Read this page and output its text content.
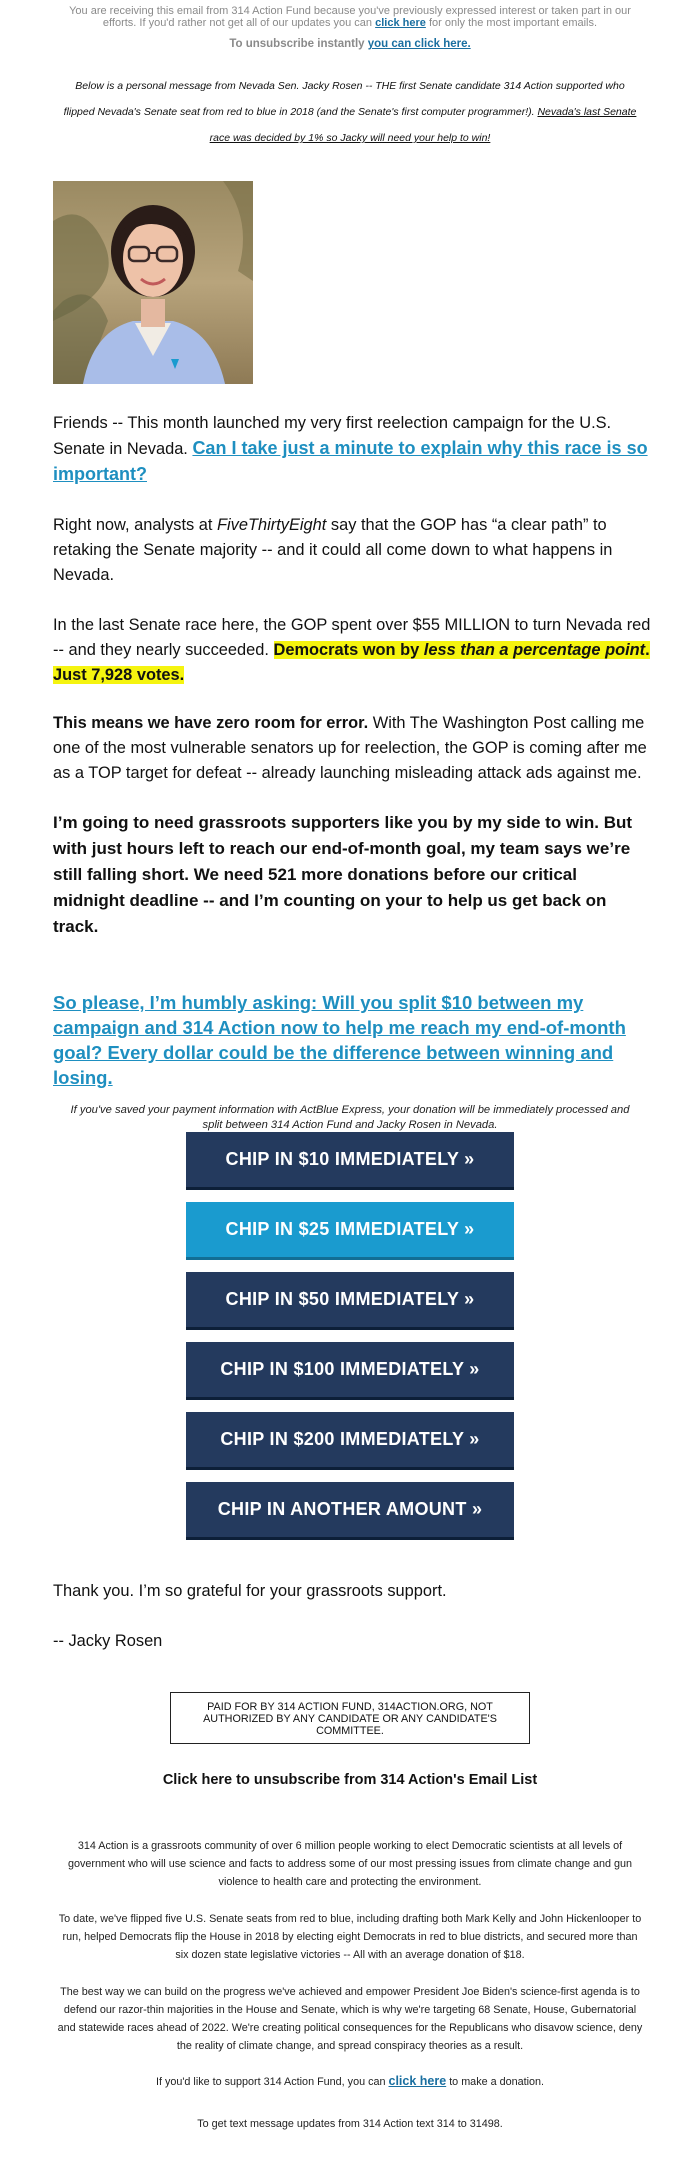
You are receiving this email from 314 Action Fund because you've previously expressed interest or taken part in our efforts. If you'd rather not get all of our updates you can click here for only the most important emails.
To unsubscribe instantly you can click here.
Below is a personal message from Nevada Sen. Jacky Rosen -- THE first Senate candidate 314 Action supported who flipped Nevada's Senate seat from red to blue in 2018 (and the Senate's first computer programmer!). Nevada's last Senate race was decided by 1% so Jacky will need your help to win!

Friends -- This month launched my very first reelection campaign for the U.S. Senate in Nevada. Can I take just a minute to explain why this race is so important?

Right now, analysts at FiveThirtyEight say that the GOP has “a clear path” to retaking the Senate majority -- and it could all come down to what happens in Nevada.

In the last Senate race here, the GOP spent over $55 MILLION to turn Nevada red -- and they nearly succeeded. Democrats won by less than a percentage point. Just 7,928 votes.

This means we have zero room for error. With The Washington Post calling me one of the most vulnerable senators up for reelection, the GOP is coming after me as a TOP target for defeat -- already launching misleading attack ads against me.

I’m going to need grassroots supporters like you by my side to win. But with just hours left to reach our end-of-month goal, my team says we’re still falling short. We need 521 more donations before our critical midnight deadline -- and I’m counting on your to help us get back on track.

So please, I’m humbly asking: Will you split $10 between my campaign and 314 Action now to help me reach my end-of-month goal? Every dollar could be the difference between winning and losing.
If you've saved your payment information with ActBlue Express, your donation will be immediately processed and split between 314 Action Fund and Jacky Rosen in Nevada.
CHIP IN $10 IMMEDIATELY »
CHIP IN $25 IMMEDIATELY »
CHIP IN $50 IMMEDIATELY »
CHIP IN $100 IMMEDIATELY »
CHIP IN $200 IMMEDIATELY »
CHIP IN ANOTHER AMOUNT »
Thank you. I’m so grateful for your grassroots support.
-- Jacky Rosen
PAID FOR BY 314 ACTION FUND, 314ACTION.ORG, NOT AUTHORIZED BY ANY CANDIDATE OR ANY CANDIDATE'S COMMITTEE.
Click here to unsubscribe from 314 Action's Email List
314 Action is a grassroots community of over 6 million people working to elect Democratic scientists at all levels of government who will use science and facts to address some of our most pressing issues from climate change and gun violence to health care and protecting the environment.
To date, we've flipped five U.S. Senate seats from red to blue, including drafting both Mark Kelly and John Hickenlooper to run, helped Democrats flip the House in 2018 by electing eight Democrats in red to blue districts, and secured more than six dozen state legislative victories -- All with an average donation of $18.
The best way we can build on the progress we've achieved and empower President Joe Biden's science-first agenda is to defend our razor-thin majorities in the House and Senate, which is why we're targeting 68 Senate, House, Gubernatorial and statewide races ahead of 2022. We're creating political consequences for the Republicans who disavow science, deny the reality of climate change, and spread conspiracy theories as a result.
If you'd like to support 314 Action Fund, you can click here to make a donation.
To get text message updates from 314 Action text 314 to 31498.
